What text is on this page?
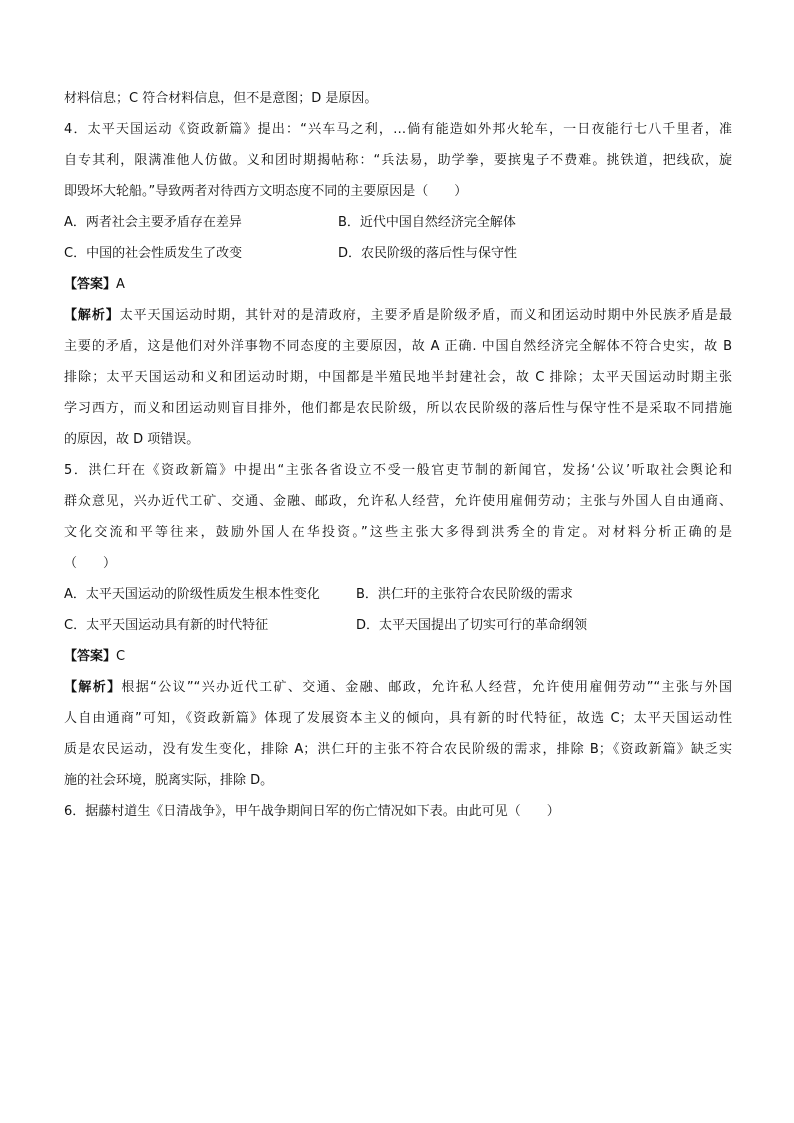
材料信息；C 符合材料信息，但不是意图；D 是原因。
4．太平天国运动《资政新篇》提出：“兴车马之利，…倘有能造如外邦火轮车，一日夜能行七八千里者，准
自专其利，限满准他人仿做。义和团时期揭帖称：“兵法易，助学拳，要摈鬼子不费难。挑铁道，把线砍，旋
即毁坏大轮船。”导致两者对待西方文明态度不同的主要原因是（　　）
A．两者社会主要矛盾存在差异	B．近代中国自然经济完全解体
C．中国的社会性质发生了改变	D．农民阶级的落后性与保守性
【答案】A
【解析】太平天国运动时期，其针对的是清政府，主要矛盾是阶级矛盾，而义和团运动时期中外民族矛盾是最
主要的矛盾，这是他们对外洋事物不同态度的主要原因，故 A 正确. 中国自然经济完全解体不符合史实，故 B
排除；太平天国运动和义和团运动时期，中国都是半殖民地半封建社会，故 C 排除；太平天国运动时期主张
学习西方，而义和团运动则盲目排外，他们都是农民阶级，所以农民阶级的落后性与保守性不是采取不同措施
的原因，故 D 项错误。
5．洪仁玕在《资政新篇》中提出“主张各省设立不受一般官吏节制的新闻官，发扬‘公议’听取社会舆论和
群众意见，兴办近代工矿、交通、金融、邮政，允许私人经营，允许使用雇佣劳动；主张与外国人自由通商、
文化交流和平等往来，鼓励外国人在华投资。”这些主张大多得到洪秀全的肯定。对材料分析正确的是
（　　）
A．太平天国运动的阶级性质发生根本性变化	B．洪仁玕的主张符合农民阶级的需求
C．太平天国运动具有新的时代特征	D．太平天国提出了切实可行的革命纲领
【答案】C
【解析】根据“公议”“兴办近代工矿、交通、金融、邮政，允许私人经营，允许使用雇佣劳动”“主张与外国
人自由通商”可知，《资政新篇》体现了发展资本主义的倾向，具有新的时代特征，故选 C；太平天国运动性
质是农民运动，没有发生变化，排除 A；洪仁玕的主张不符合农民阶级的需求，排除 B；《资政新篇》缺乏实
施的社会环境，脱离实际，排除 D。
6．据藤村道生《日清战争》，甲午战争期间日军的伤亡情况如下表。由此可见（　　）
